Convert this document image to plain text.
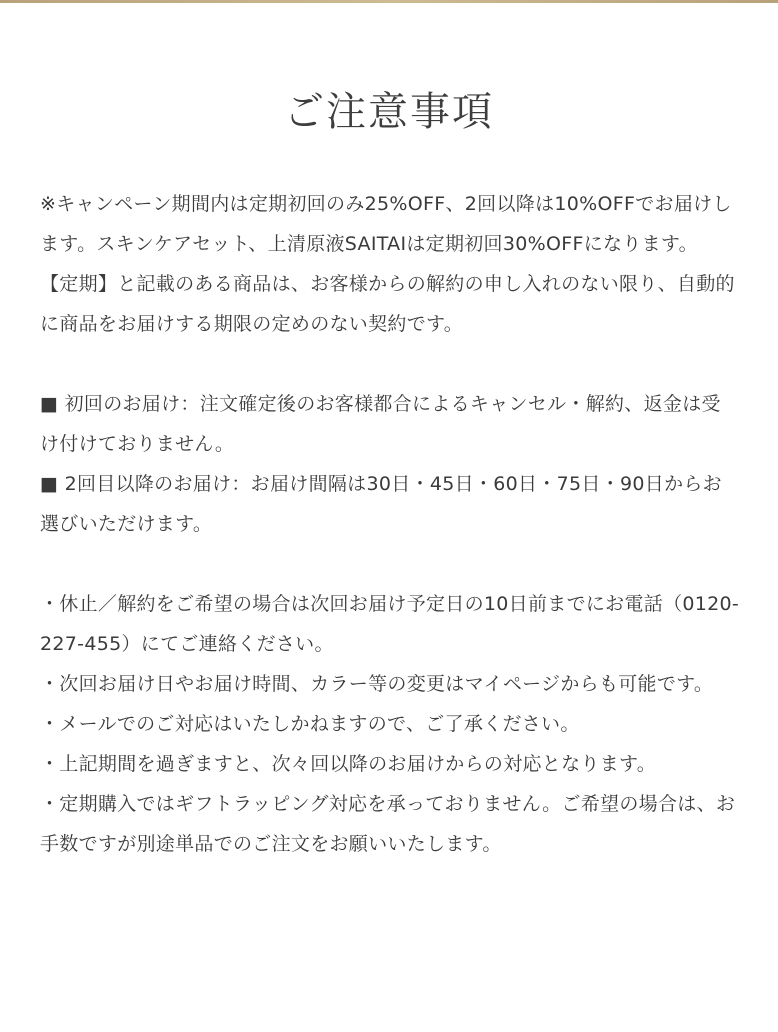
ご注意事項

※キャンペーン期間内は定期初回のみ25%OFF、2回以降は10%OFFでお届けします。スキンケアセット、上清原液SAITAIは定期初回30%OFFになります。

【定期】と記載のある商品は、お客様からの解約の申し入れのない限り、自動的に商品をお届けする期限の定めのない契約です。

■ 初回のお届け：注文確定後のお客様都合によるキャンセル・解約、返金は受け付けておりません。

■ 2回目以降のお届け：お届け間隔は30日・45日・60日・75日・90日からお選びいただけます。

・休止／解約をご希望の場合は次回お届け予定日の10日前までにお電話（0120-227-455）にてご連絡ください。

・次回お届け日やお届け時間、カラー等の変更はマイページからも可能です。

・メールでのご対応はいたしかねますので、ご了承ください。

・上記期間を過ぎますと、次々回以降のお届けからの対応となります。

・定期購入ではギフトラッピング対応を承っておりません。ご希望の場合は、お手数ですが別途単品でのご注文をお願いいたします。
